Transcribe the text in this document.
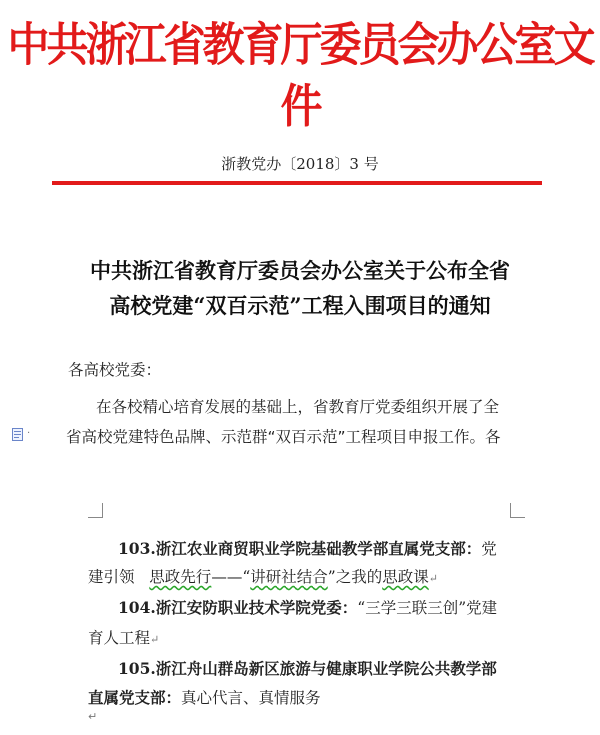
中共浙江省教育厅委员会办公室文件
浙教党办〔2018〕3 号
中共浙江省教育厅委员会办公室关于公布全省
高校党建“双百示范”工程入围项目的通知
各高校党委：
在各校精心培育发展的基础上，省教育厅党委组织开展了全
· 省高校党建特色品牌、示范群“双百示范”工程项目申报工作。各
103.浙江农业商贸职业学院基础教学部直属党支部：党
建引领 思政先行——“讲研社结合”之我的思政课↵
104.浙江安防职业技术学院党委：“三学三联三创”党建
育人工程↵
105.浙江舟山群岛新区旅游与健康职业学院公共教学部
直属党支部：真心代言、真情服务
↵
